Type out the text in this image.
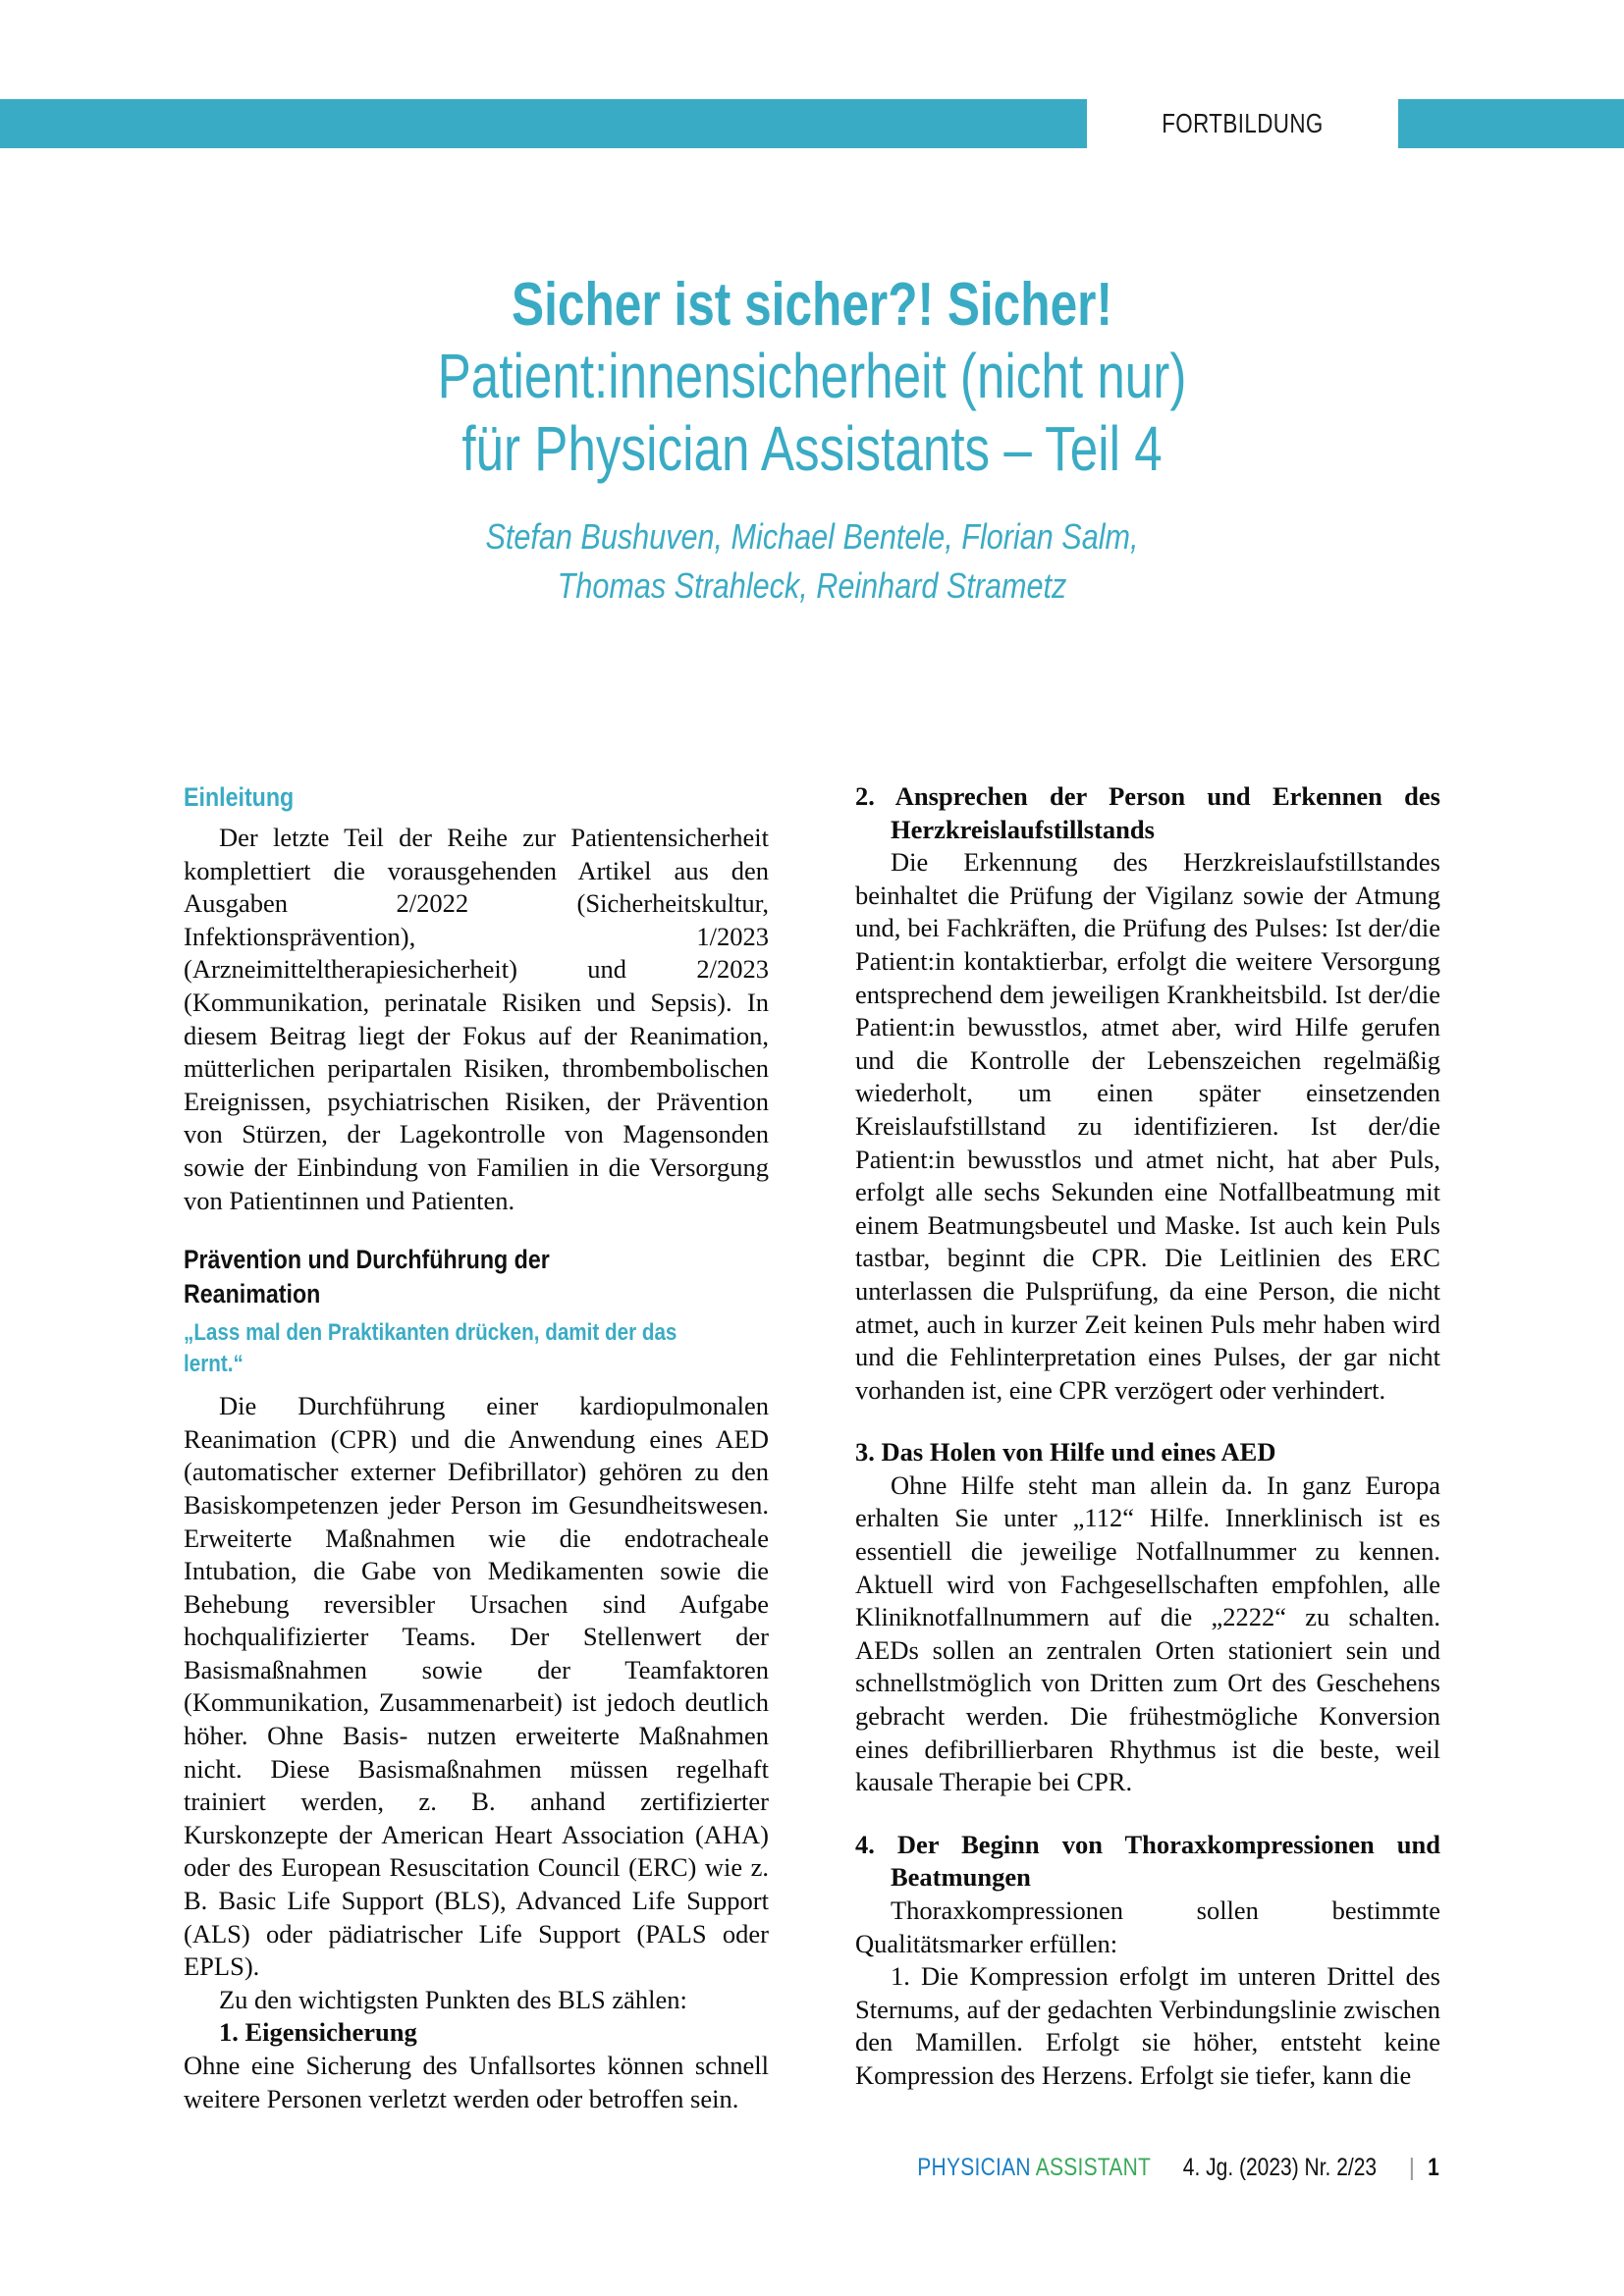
FORTBILDUNG
Sicher ist sicher?! Sicher!
Patient:innensicherheit (nicht nur)
für Physician Assistants – Teil 4
Stefan Bushuven, Michael Bentele, Florian Salm,
Thomas Strahleck, Reinhard Strametz
Einleitung

Der letzte Teil der Reihe zur Patientensicherheit komplettiert die vorausgehenden Artikel aus den Ausgaben 2/2022 (Sicherheitskultur, Infektionsprävention), 1/2023 (Arzneimitteltherapiesicherheit) und 2/2023 (Kommunikation, perinatale Risiken und Sepsis). In diesem Beitrag liegt der Fokus auf der Reanimation, mütterlichen peripartalen Risiken, thrombembolischen Ereignissen, psychiatrischen Risiken, der Prävention von Stürzen, der Lagekontrolle von Magensonden sowie der Einbindung von Familien in die Versorgung von Patientinnen und Patienten.

Prävention und Durchführung der Reanimation
„Lass mal den Praktikanten drücken, damit der das lernt.“

Die Durchführung einer kardiopulmonalen Reanimation (CPR) und die Anwendung eines AED (automatischer externer Defibrillator) gehören zu den Basiskompetenzen jeder Person im Gesundheitswesen. Erweiterte Maßnahmen wie die endotracheale Intubation, die Gabe von Medikamenten sowie die Behebung reversibler Ursachen sind Aufgabe hochqualifizierter Teams. Der Stellenwert der Basismaßnahmen sowie der Teamfaktoren (Kommunikation, Zusammenarbeit) ist jedoch deutlich höher. Ohne Basis- nutzen erweiterte Maßnahmen nicht. Diese Basismaßnahmen müssen regelhaft trainiert werden, z. B. anhand zertifizierter Kurskonzepte der American Heart Association (AHA) oder des European Resuscitation Council (ERC) wie z. B. Basic Life Support (BLS), Advanced Life Support (ALS) oder pädiatrischer Life Support (PALS oder EPLS).

Zu den wichtigsten Punkten des BLS zählen:

1. Eigensicherung

Ohne eine Sicherung des Unfallsortes können schnell weitere Personen verletzt werden oder betroffen sein.

2. Ansprechen der Person und Erkennen des Herzkreislaufstillstands

Die Erkennung des Herzkreislaufstillstandes beinhaltet die Prüfung der Vigilanz sowie der Atmung und, bei Fachkräften, die Prüfung des Pulses: Ist der/die Patient:in kontaktierbar, erfolgt die weitere Versorgung entsprechend dem jeweiligen Krankheitsbild. Ist der/die Patient:in bewusstlos, atmet aber, wird Hilfe gerufen und die Kontrolle der Lebenszeichen regelmäßig wiederholt, um einen später einsetzenden Kreislaufstillstand zu identifizieren. Ist der/die Patient:in bewusstlos und atmet nicht, hat aber Puls, erfolgt alle sechs Sekunden eine Notfallbeatmung mit einem Beatmungsbeutel und Maske. Ist auch kein Puls tastbar, beginnt die CPR. Die Leitlinien des ERC unterlassen die Pulsprüfung, da eine Person, die nicht atmet, auch in kurzer Zeit keinen Puls mehr haben wird und die Fehlinterpretation eines Pulses, der gar nicht vorhanden ist, eine CPR verzögert oder verhindert.

3. Das Holen von Hilfe und eines AED

Ohne Hilfe steht man allein da. In ganz Europa erhalten Sie unter „112“ Hilfe. Innerklinisch ist es essentiell die jeweilige Notfallnummer zu kennen. Aktuell wird von Fachgesellschaften empfohlen, alle Kliniknotfallnummern auf die „2222“ zu schalten. AEDs sollen an zentralen Orten stationiert sein und schnellstmöglich von Dritten zum Ort des Geschehens gebracht werden. Die frühestmögliche Konversion eines defibrillierbaren Rhythmus ist die beste, weil kausale Therapie bei CPR.

4. Der Beginn von Thoraxkompressionen und Beatmungen

Thoraxkompressionen sollen bestimmte Qualitätsmarker erfüllen:

1. Die Kompression erfolgt im unteren Drittel des Sternums, auf der gedachten Verbindungslinie zwischen den Mamillen. Erfolgt sie höher, entsteht keine Kompression des Herzens. Erfolgt sie tiefer, kann die

PHYSICIAN ASSISTANT 4. Jg. (2023) Nr. 2/23 | 1
